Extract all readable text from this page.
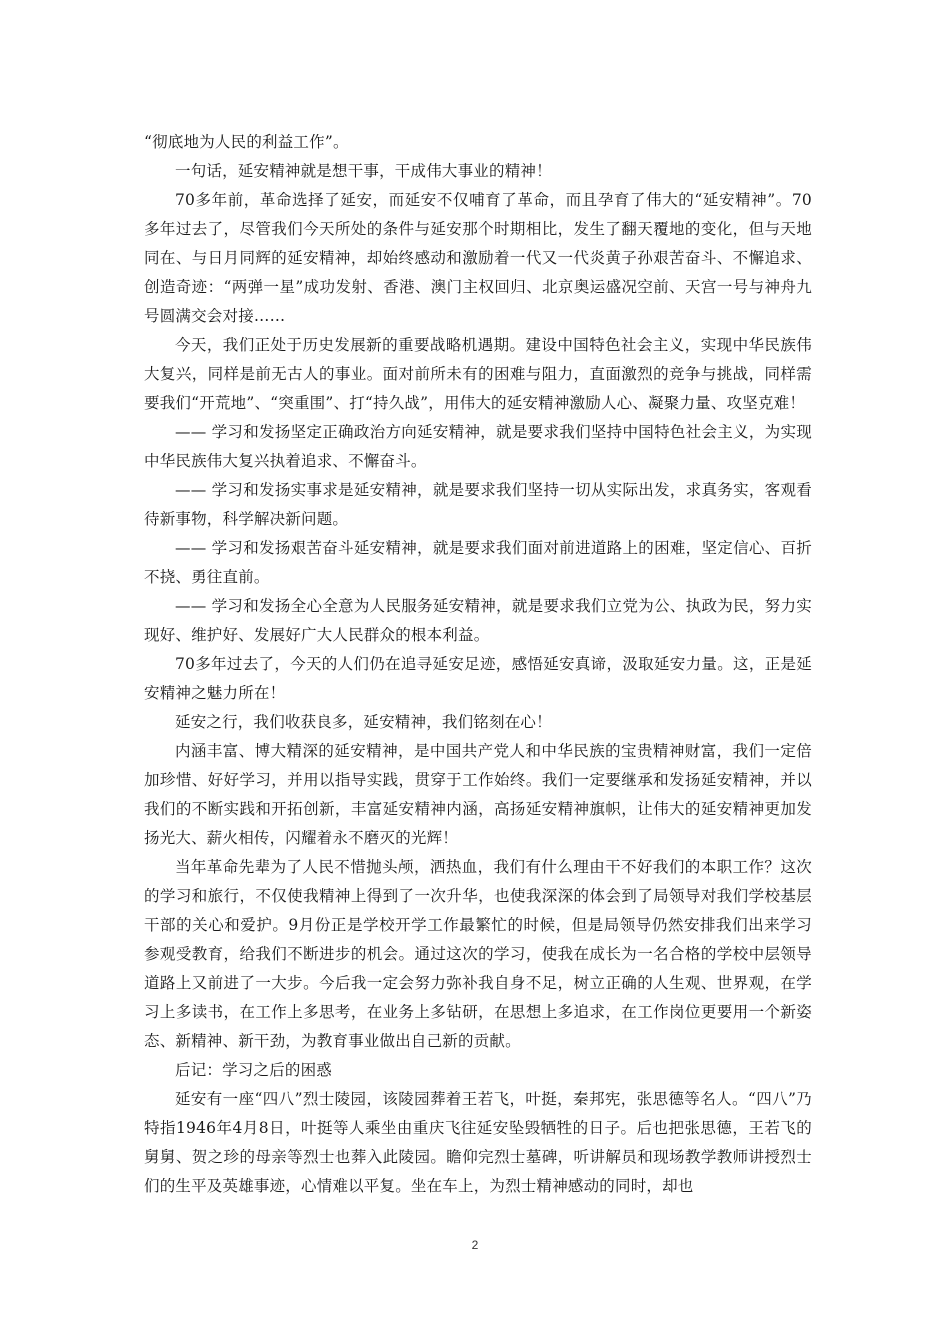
“彻底地为人民的利益工作”。

一句话，延安精神就是想干事，干成伟大事业的精神！

70多年前，革命选择了延安，而延安不仅哺育了革命，而且孕育了伟大的“延安精神”。70多年过去了，尽管我们今天所处的条件与延安那个时期相比，发生了翻天覆地的变化，但与天地同在、与日月同辉的延安精神，却始终感动和激励着一代又一代炎黄子孙艰苦奋斗、不懈追求、创造奇迹：“两弹一星”成功发射、香港、澳门主权回归、北京奥运盛况空前、天宫一号与神舟九号圆满交会对接……

今天，我们正处于历史发展新的重要战略机遇期。建设中国特色社会主义，实现中华民族伟大复兴，同样是前无古人的事业。面对前所未有的困难与阻力，直面激烈的竞争与挑战，同样需要我们“开荒地”、“突重围”、打“持久战”，用伟大的延安精神激励人心、凝聚力量、攻坚克难！

—— 学习和发扬坚定正确政治方向延安精神，就是要求我们坚持中国特色社会主义，为实现中华民族伟大复兴执着追求、不懈奋斗。

—— 学习和发扬实事求是延安精神，就是要求我们坚持一切从实际出发，求真务实，客观看待新事物，科学解决新问题。

—— 学习和发扬艰苦奋斗延安精神，就是要求我们面对前进道路上的困难，坚定信心、百折不挠、勇往直前。

—— 学习和发扬全心全意为人民服务延安精神，就是要求我们立党为公、执政为民，努力实现好、维护好、发展好广大人民群众的根本利益。

70多年过去了，今天的人们仍在追寻延安足迹，感悟延安真谛，汲取延安力量。这，正是延安精神之魅力所在！

延安之行，我们收获良多，延安精神，我们铭刻在心！

内涵丰富、博大精深的延安精神，是中国共产党人和中华民族的宝贵精神财富，我们一定倍加珍惜、好好学习，并用以指导实践，贯穿于工作始终。我们一定要继承和发扬延安精神，并以我们的不断实践和开拓创新，丰富延安精神内涵，高扬延安精神旗帜，让伟大的延安精神更加发扬光大、薪火相传，闪耀着永不磨灭的光辉！

当年革命先辈为了人民不惜抛头颅，洒热血，我们有什么理由干不好我们的本职工作？这次的学习和旅行，不仅使我精神上得到了一次升华，也使我深深的体会到了局领导对我们学校基层干部的关心和爱护。9月份正是学校开学工作最繁忙的时候，但是局领导仍然安排我们出来学习参观受教育，给我们不断进步的机会。通过这次的学习，使我在成长为一名合格的学校中层领导道路上又前进了一大步。今后我一定会努力弥补我自身不足，树立正确的人生观、世界观，在学习上多读书，在工作上多思考，在业务上多钻研，在思想上多追求，在工作岗位更要用一个新姿态、新精神、新干劲，为教育事业做出自己新的贡献。

后记：学习之后的困惑

延安有一座“四八”烈士陵园，该陵园葬着王若飞，叶挺，秦邦宪，张思德等名人。“四八”乃特指1946年4月8日，叶挺等人乘坐由重庆飞往延安坠毁牺牲的日子。后也把张思德，王若飞的舅舅、贺之珍的母亲等烈士也葬入此陵园。瞻仰完烈士墓碑，听讲解员和现场教学教师讲授烈士们的生平及英雄事迹，心情难以平复。坐在车上，为烈士精神感动的同时，却也

2
